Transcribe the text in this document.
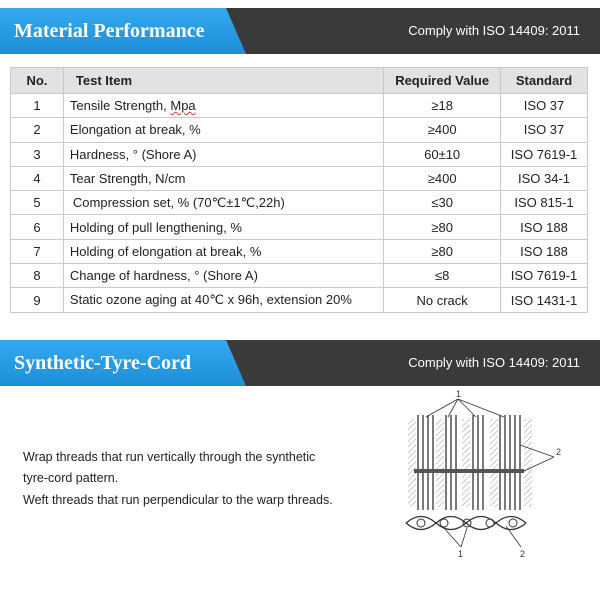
Material Performance	Comply with ISO 14409: 2011
No.	Test Item	Required Value	Standard
1	Tensile Strength, Mpa	≥18	ISO 37
2	Elongation at break, %	≥400	ISO 37
3	Hardness, ° (Shore A)	60±10	ISO 7619-1
4	Tear Strength, N/cm	≥400	ISO 34-1
5	Compression set, % (70℃±1℃,22h)	≤30	ISO 815-1
6	Holding of pull lengthening, %	≥80	ISO 188
7	Holding of elongation at break, %	≥80	ISO 188
8	Change of hardness, ° (Shore A)	≤8	ISO 7619-1
9	Static ozone aging at 40℃ x 96h, extension 20%	No crack	ISO 1431-1
Synthetic-Tyre-Cord	Comply with ISO 14409: 2011
Wrap threads that run vertically through the synthetic
tyre-cord pattern.
Weft threads that run perpendicular to the warp threads.
1
2
1	2
